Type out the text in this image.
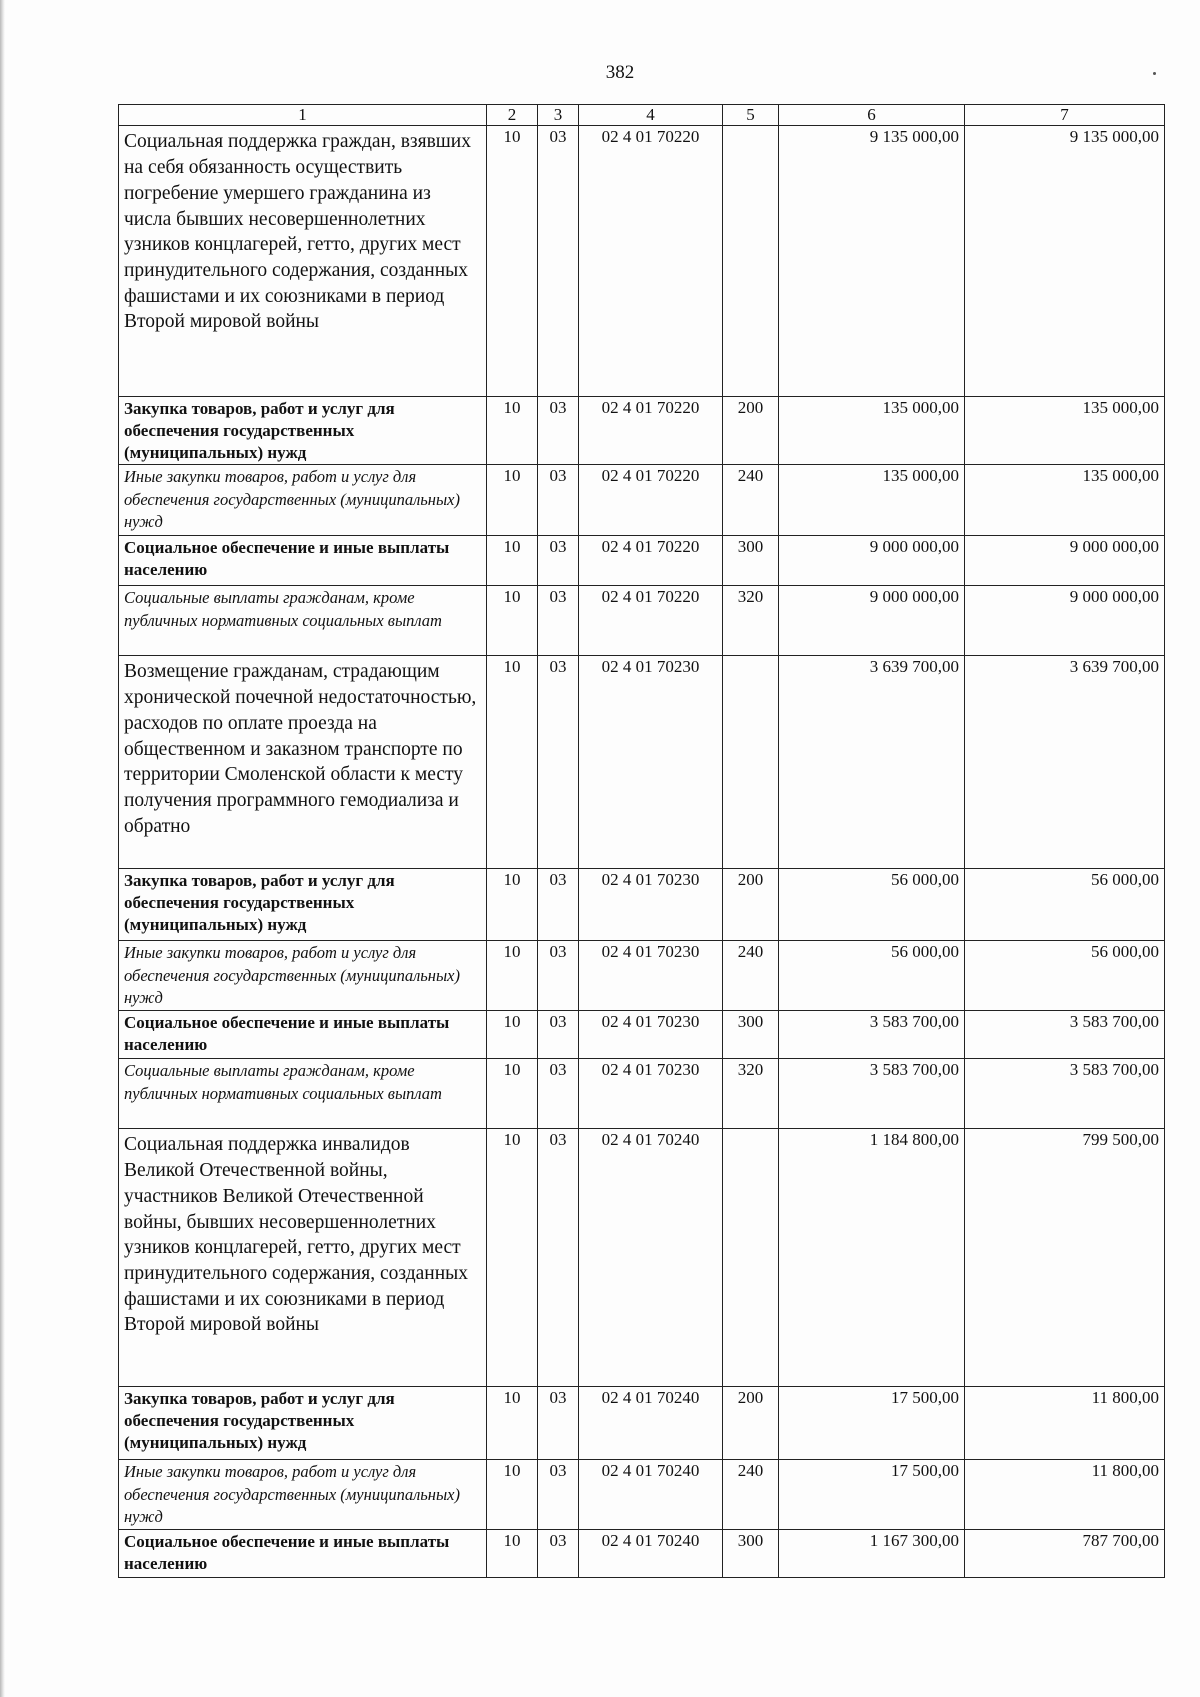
382
1	2	3	4	5	6	7
Социальная поддержка граждан, взявших на себя обязанность осуществить погребение умершего гражданина из числа бывших несовершеннолетних узников концлагерей, гетто, других мест принудительного содержания, созданных фашистами и их союзниками в период Второй мировой войны	10	03	02 4 01 70220		9 135 000,00	9 135 000,00
Закупка товаров, работ и услуг для обеспечения государственных (муниципальных) нужд	10	03	02 4 01 70220	200	135 000,00	135 000,00
Иные закупки товаров, работ и услуг для обеспечения государственных (муниципальных) нужд	10	03	02 4 01 70220	240	135 000,00	135 000,00
Социальное обеспечение и иные выплаты населению	10	03	02 4 01 70220	300	9 000 000,00	9 000 000,00
Социальные выплаты гражданам, кроме публичных нормативных социальных выплат	10	03	02 4 01 70220	320	9 000 000,00	9 000 000,00
Возмещение гражданам, страдающим хронической почечной недостаточностью, расходов по оплате проезда на общественном и заказном транспорте по территории Смоленской области к месту получения программного гемодиализа и обратно	10	03	02 4 01 70230		3 639 700,00	3 639 700,00
Закупка товаров, работ и услуг для обеспечения государственных (муниципальных) нужд	10	03	02 4 01 70230	200	56 000,00	56 000,00
Иные закупки товаров, работ и услуг для обеспечения государственных (муниципальных) нужд	10	03	02 4 01 70230	240	56 000,00	56 000,00
Социальное обеспечение и иные выплаты населению	10	03	02 4 01 70230	300	3 583 700,00	3 583 700,00
Социальные выплаты гражданам, кроме публичных нормативных социальных выплат	10	03	02 4 01 70230	320	3 583 700,00	3 583 700,00
Социальная поддержка инвалидов Великой Отечественной войны, участников Великой Отечественной войны, бывших несовершеннолетних узников концлагерей, гетто, других мест принудительного содержания, созданных фашистами и их союзниками в период Второй мировой войны	10	03	02 4 01 70240		1 184 800,00	799 500,00
Закупка товаров, работ и услуг для обеспечения государственных (муниципальных) нужд	10	03	02 4 01 70240	200	17 500,00	11 800,00
Иные закупки товаров, работ и услуг для обеспечения государственных (муниципальных) нужд	10	03	02 4 01 70240	240	17 500,00	11 800,00
Социальное обеспечение и иные выплаты населению	10	03	02 4 01 70240	300	1 167 300,00	787 700,00
